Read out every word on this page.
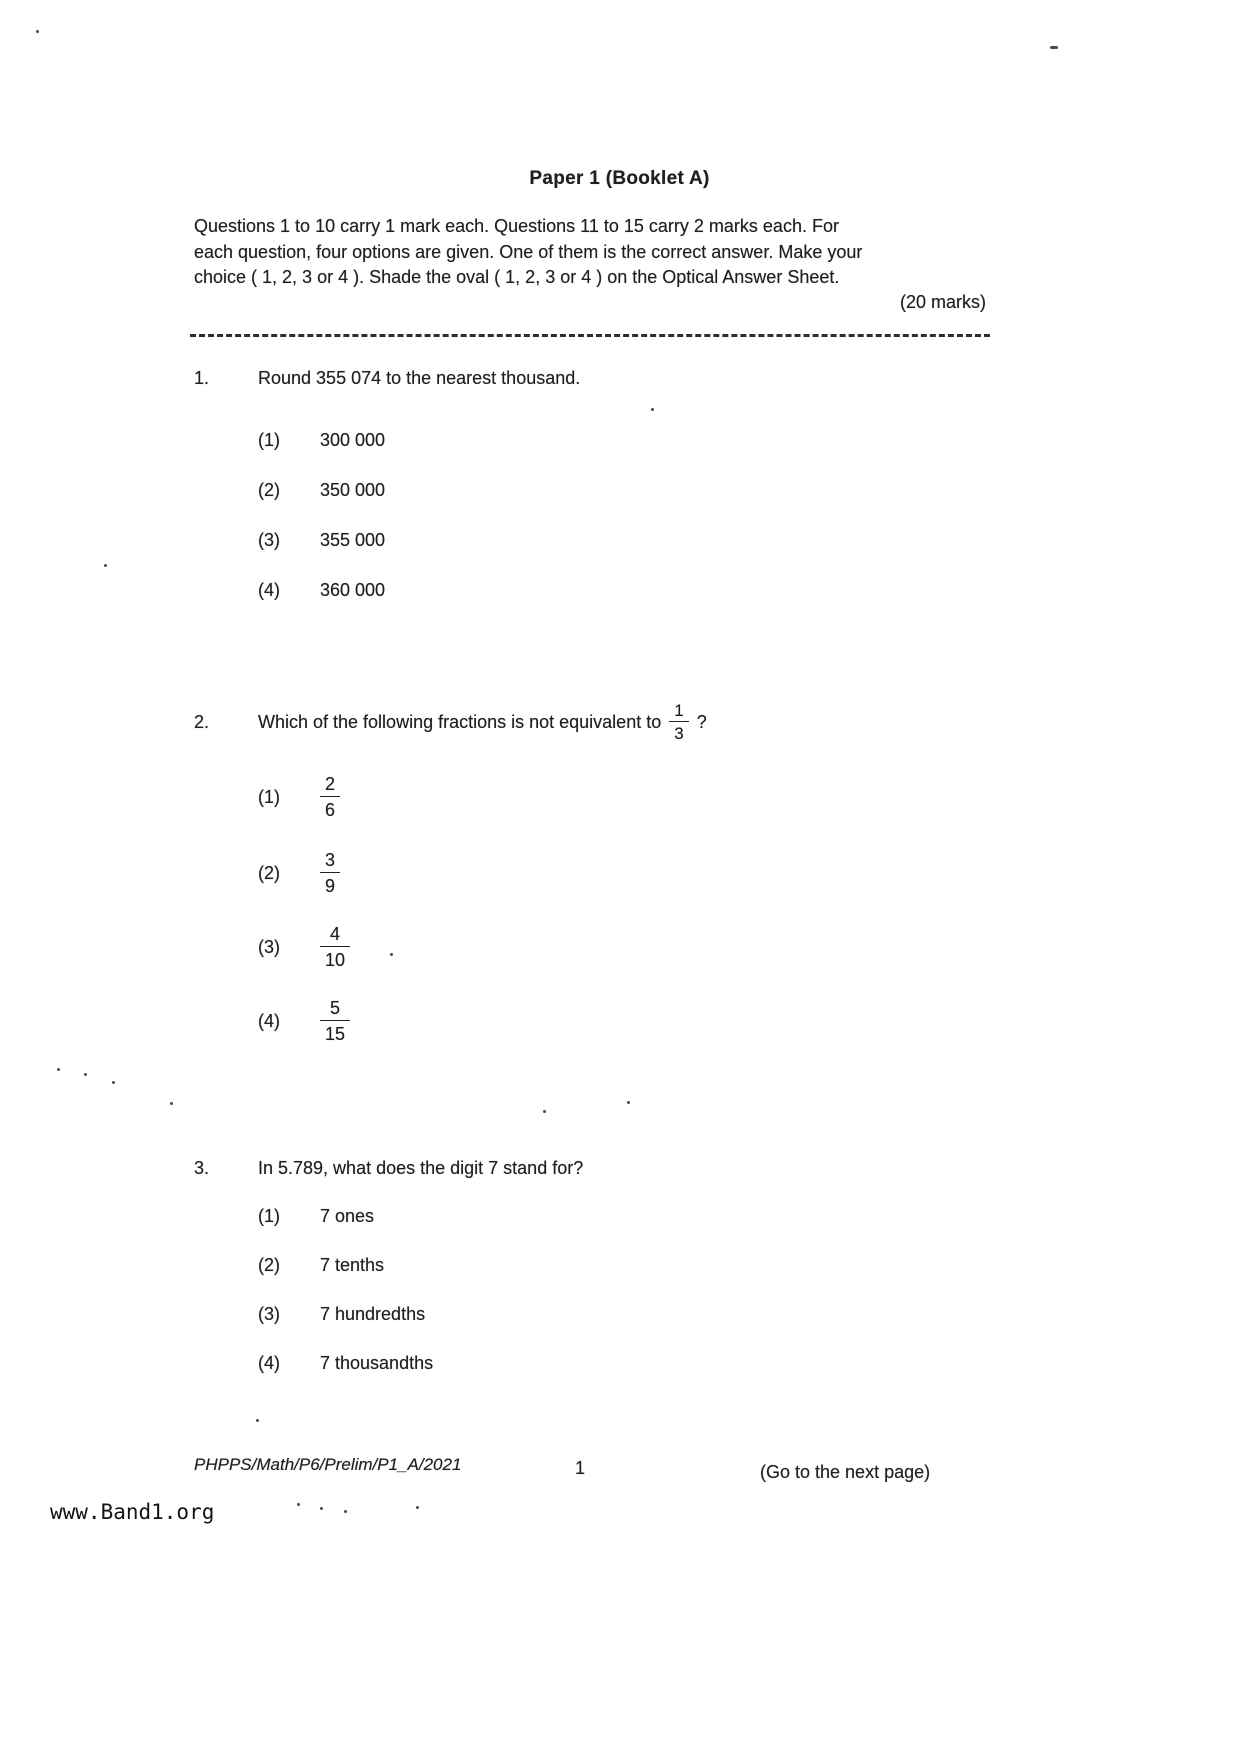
Paper 1 (Booklet A)
Questions 1 to 10 carry 1 mark each. Questions 11 to 15 carry 2 marks each. For
each question, four options are given. One of them is the correct answer. Make your
choice ( 1, 2, 3 or 4 ). Shade the oval ( 1, 2, 3 or 4 ) on the Optical Answer Sheet.
(20 marks)
1.	Round 355 074 to the nearest thousand.
(1)	300 000
(2)	350 000
(3)	355 000
(4)	360 000
2.	Which of the following fractions is not equivalent to $\frac{1}{3}$ ?
(1)	$\frac{2}{6}$
(2)	$\frac{3}{9}$
(3)	$\frac{4}{10}$
(4)	$\frac{5}{15}$
3.	In 5.789, what does the digit 7 stand for?
(1)	7 ones
(2)	7 tenths
(3)	7 hundredths
(4)	7 thousandths
PHPPS/Math/P6/Prelim/P1_A/2021	1	(Go to the next page)
www.Band1.org
